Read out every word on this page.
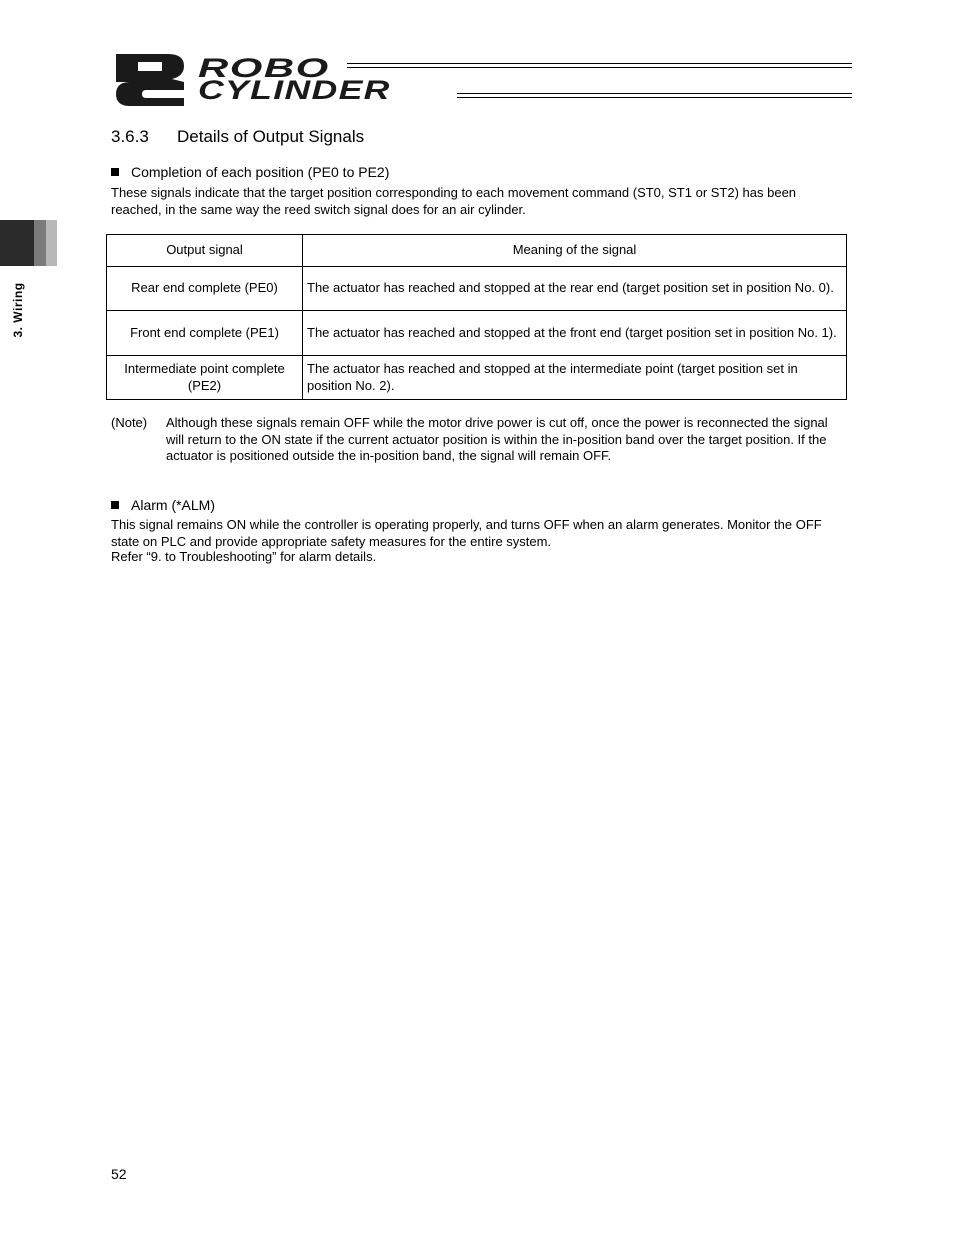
ROBO
CYLINDER
3. Wiring
3.6.3 Details of Output Signals
Completion of each position (PE0 to PE2)
These signals indicate that the target position corresponding to each movement command (ST0, ST1 or ST2) has been reached, in the same way the reed switch signal does for an air cylinder.
Output signal	Meaning of the signal
Rear end complete (PE0)	The actuator has reached and stopped at the rear end (target position set in position No. 0).
Front end complete (PE1)	The actuator has reached and stopped at the front end (target position set in position No. 1).
Intermediate point complete (PE2)	The actuator has reached and stopped at the intermediate point (target position set in position No. 2).
(Note) Although these signals remain OFF while the motor drive power is cut off, once the power is reconnected the signal will return to the ON state if the current actuator position is within the in-position band over the target position. If the actuator is positioned outside the in-position band, the signal will remain OFF.
Alarm (*ALM)
This signal remains ON while the controller is operating properly, and turns OFF when an alarm generates. Monitor the OFF state on PLC and provide appropriate safety measures for the entire system.
Refer “9. to Troubleshooting” for alarm details.
52
